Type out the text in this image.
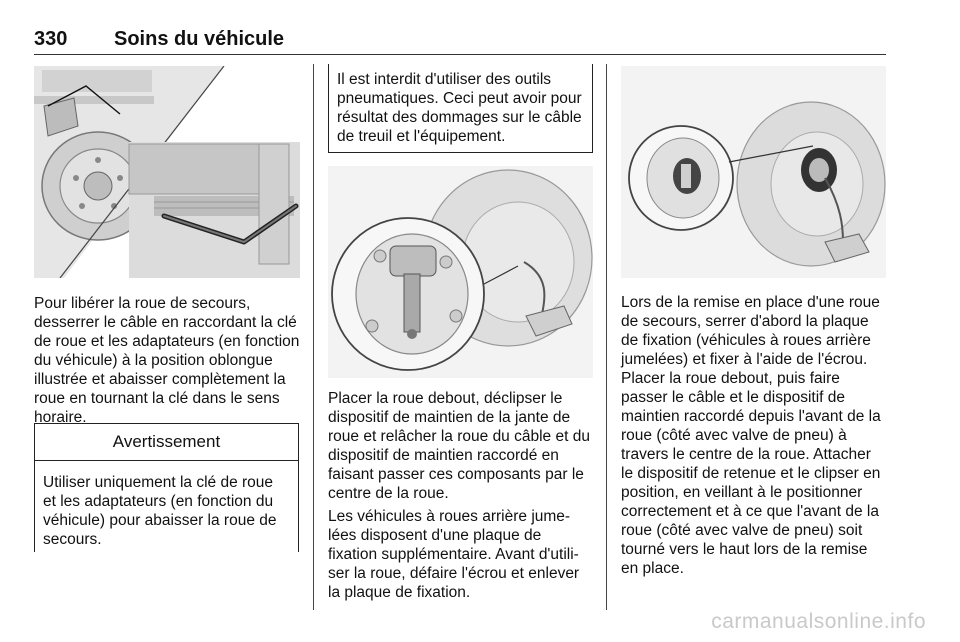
330 Soins du véhicule

Pour libérer la roue de secours, desserrer le câble en raccordant la clé de roue et les adaptateurs (en fonction du véhicule) à la position oblongue illustrée et abaisser complètement la roue en tournant la clé dans le sens horaire.

Avertissement

Utiliser uniquement la clé de roue et les adaptateurs (en fonction du véhicule) pour abaisser la roue de secours.

Il est interdit d'utiliser des outils pneumatiques. Ceci peut avoir pour résultat des dommages sur le câble de treuil et l'équipement.

Placer la roue debout, déclipser le dispositif de maintien de la jante de roue et relâcher la roue du câble et du dispositif de maintien raccordé en faisant passer ces composants par le centre de la roue.

Les véhicules à roues arrière jume-lées disposent d'une plaque de fixation supplémentaire. Avant d'utili-ser la roue, défaire l'écrou et enlever la plaque de fixation.

Lors de la remise en place d'une roue de secours, serrer d'abord la plaque de fixation (véhicules à roues arrière jumelées) et fixer à l'aide de l'écrou.

Placer la roue debout, puis faire passer le câble et le dispositif de maintien raccordé depuis l'avant de la roue (côté avec valve de pneu) à travers le centre de la roue. Attacher le dispositif de retenue et le clipser en position, en veillant à le positionner correctement et à ce que l'avant de la roue (côté avec valve de pneu) soit tourné vers le haut lors de la remise en place.

carmanualsonline.info
